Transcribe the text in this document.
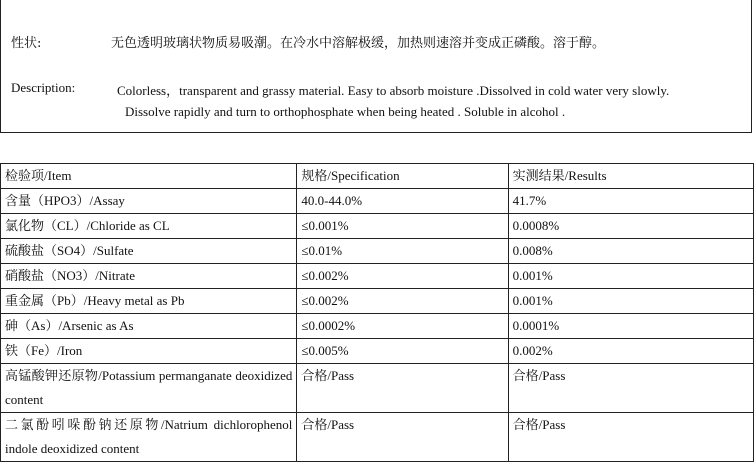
性状:	无色透明玻璃状物质易吸潮。在冷水中溶解极缓，加热则速溶并变成正磷酸。溶于醇。
Description:	Colorless，transparent and grassy material. Easy to absorb moisture .Dissolved in cold water very slowly.
Dissolve rapidly and turn to orthophosphate when being heated . Soluble in alcohol .
检验项/Item	规格/Specification	实测结果/Results
含量（HPO3）/Assay	40.0-44.0%	41.7%
氯化物（CL）/Chloride as CL	≤0.001%	0.0008%
硫酸盐（SO4）/Sulfate	≤0.01%	0.008%
硝酸盐（NO3）/Nitrate	≤0.002%	0.001%
重金属（Pb）/Heavy metal as Pb	≤0.002%	0.001%
砷（As）/Arsenic as As	≤0.0002%	0.0001%
铁（Fe）/Iron	≤0.005%	0.002%
高锰酸钾还原物/Potassium permanganate deoxidized content	合格/Pass	合格/Pass
二氯酚吲哚酚钠还原物/Natrium dichlorophenol indole deoxidized content	合格/Pass	合格/Pass
